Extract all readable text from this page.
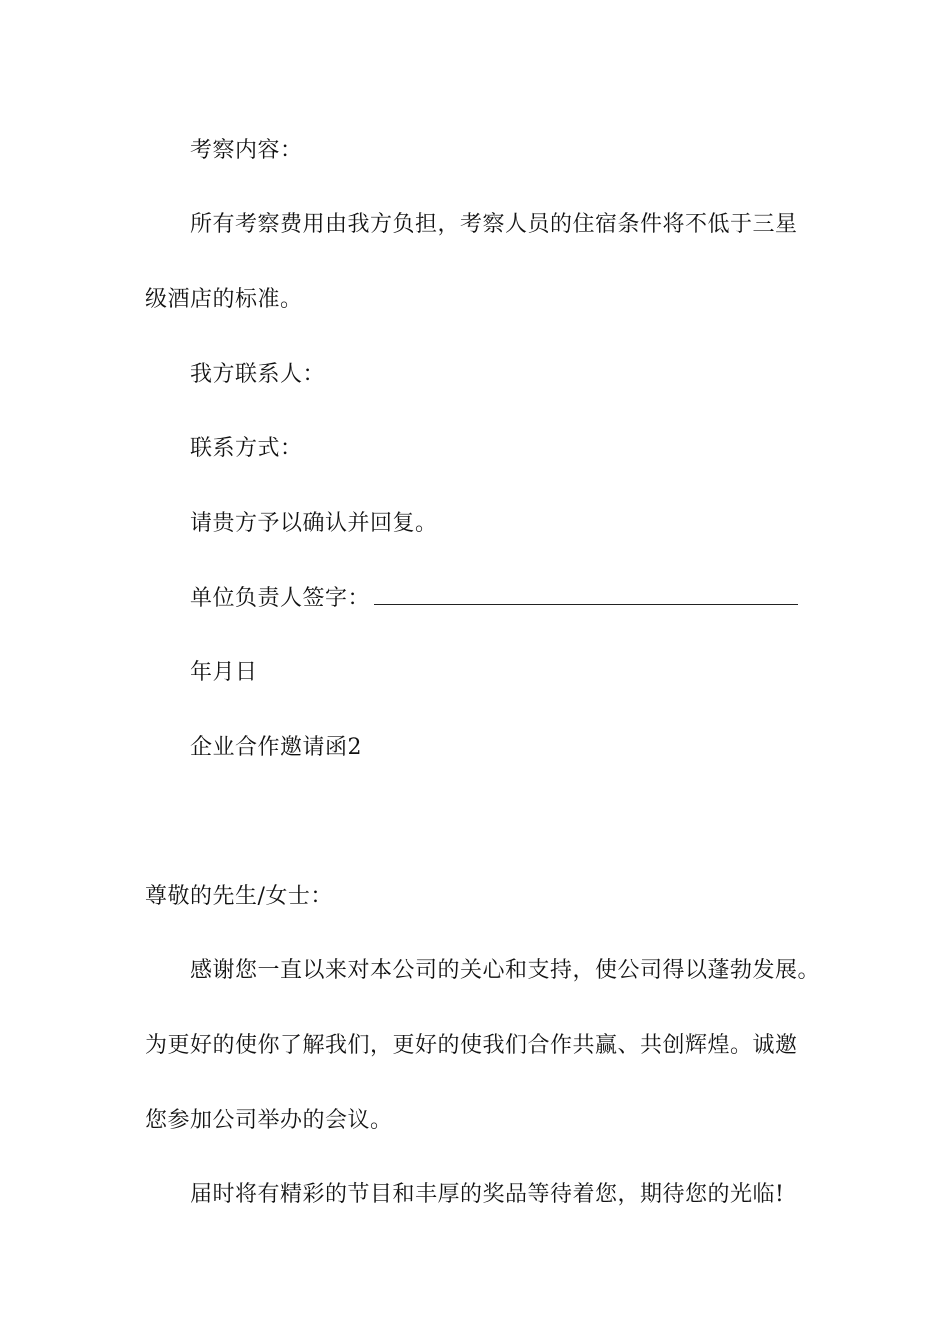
考察内容：
所有考察费用由我方负担，考察人员的住宿条件将不低于三星
级酒店的标准。
我方联系人：
联系方式：
请贵方予以确认并回复。
单位负责人签字：
年月日
企业合作邀请函2
尊敬的先生/女士：
感谢您一直以来对本公司的关心和支持，使公司得以蓬勃发展。
为更好的使你了解我们，更好的使我们合作共赢、共创辉煌。诚邀
您参加公司举办的会议。
届时将有精彩的节目和丰厚的奖品等待着您，期待您的光临!
